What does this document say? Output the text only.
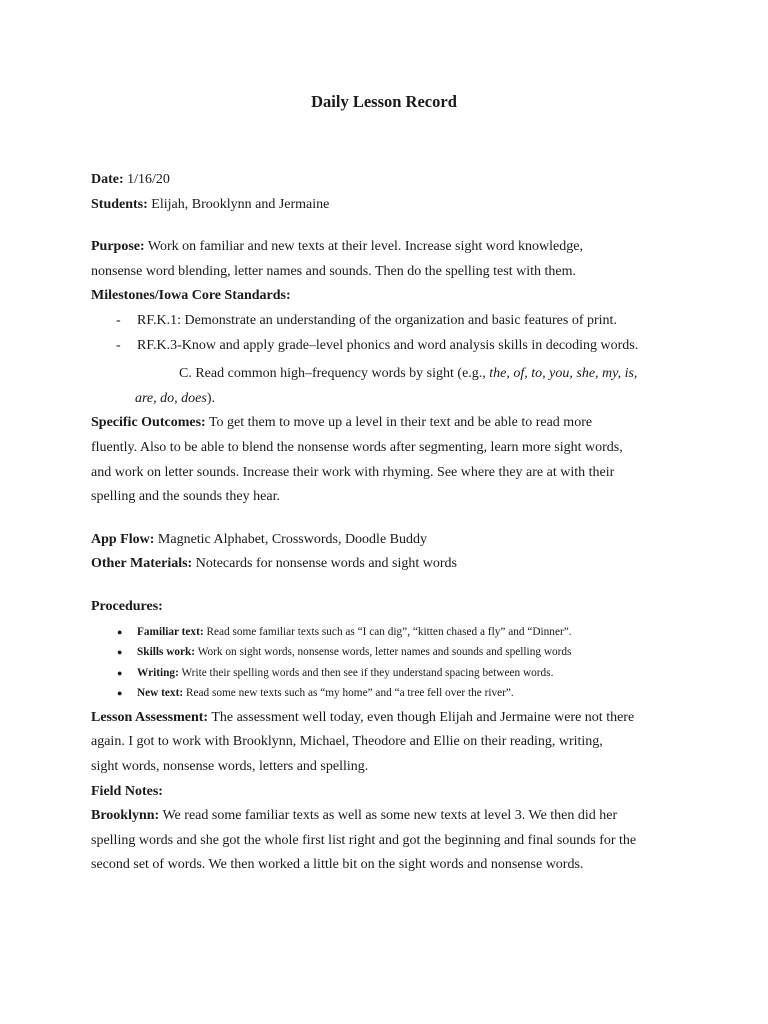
Daily Lesson Record
Date: 1/16/20
Students: Elijah, Brooklynn and Jermaine
Purpose: Work on familiar and new texts at their level. Increase sight word knowledge,
nonsense word blending, letter names and sounds. Then do the spelling test with them.
Milestones/Iowa Core Standards:
- RF.K.1: Demonstrate an understanding of the organization and basic features of print.
- RF.K.3-Know and apply grade–level phonics and word analysis skills in decoding words.
C. Read common high–frequency words by sight (e.g., the, of, to, you, she, my, is,
are, do, does).
Specific Outcomes: To get them to move up a level in their text and be able to read more
fluently. Also to be able to blend the nonsense words after segmenting, learn more sight words,
and work on letter sounds. Increase their work with rhyming. See where they are at with their
spelling and the sounds they hear.
App Flow: Magnetic Alphabet, Crosswords, Doodle Buddy
Other Materials: Notecards for nonsense words and sight words
Procedures:
● Familiar text: Read some familiar texts such as “I can dig”, “kitten chased a fly” and “Dinner”.
● Skills work: Work on sight words, nonsense words, letter names and sounds and spelling words
● Writing: Write their spelling words and then see if they understand spacing between words.
● New text: Read some new texts such as “my home” and “a tree fell over the river”.
Lesson Assessment: The assessment well today, even though Elijah and Jermaine were not there
again. I got to work with Brooklynn, Michael, Theodore and Ellie on their reading, writing,
sight words, nonsense words, letters and spelling.
Field Notes:
Brooklynn: We read some familiar texts as well as some new texts at level 3. We then did her
spelling words and she got the whole first list right and got the beginning and final sounds for the
second set of words. We then worked a little bit on the sight words and nonsense words.
